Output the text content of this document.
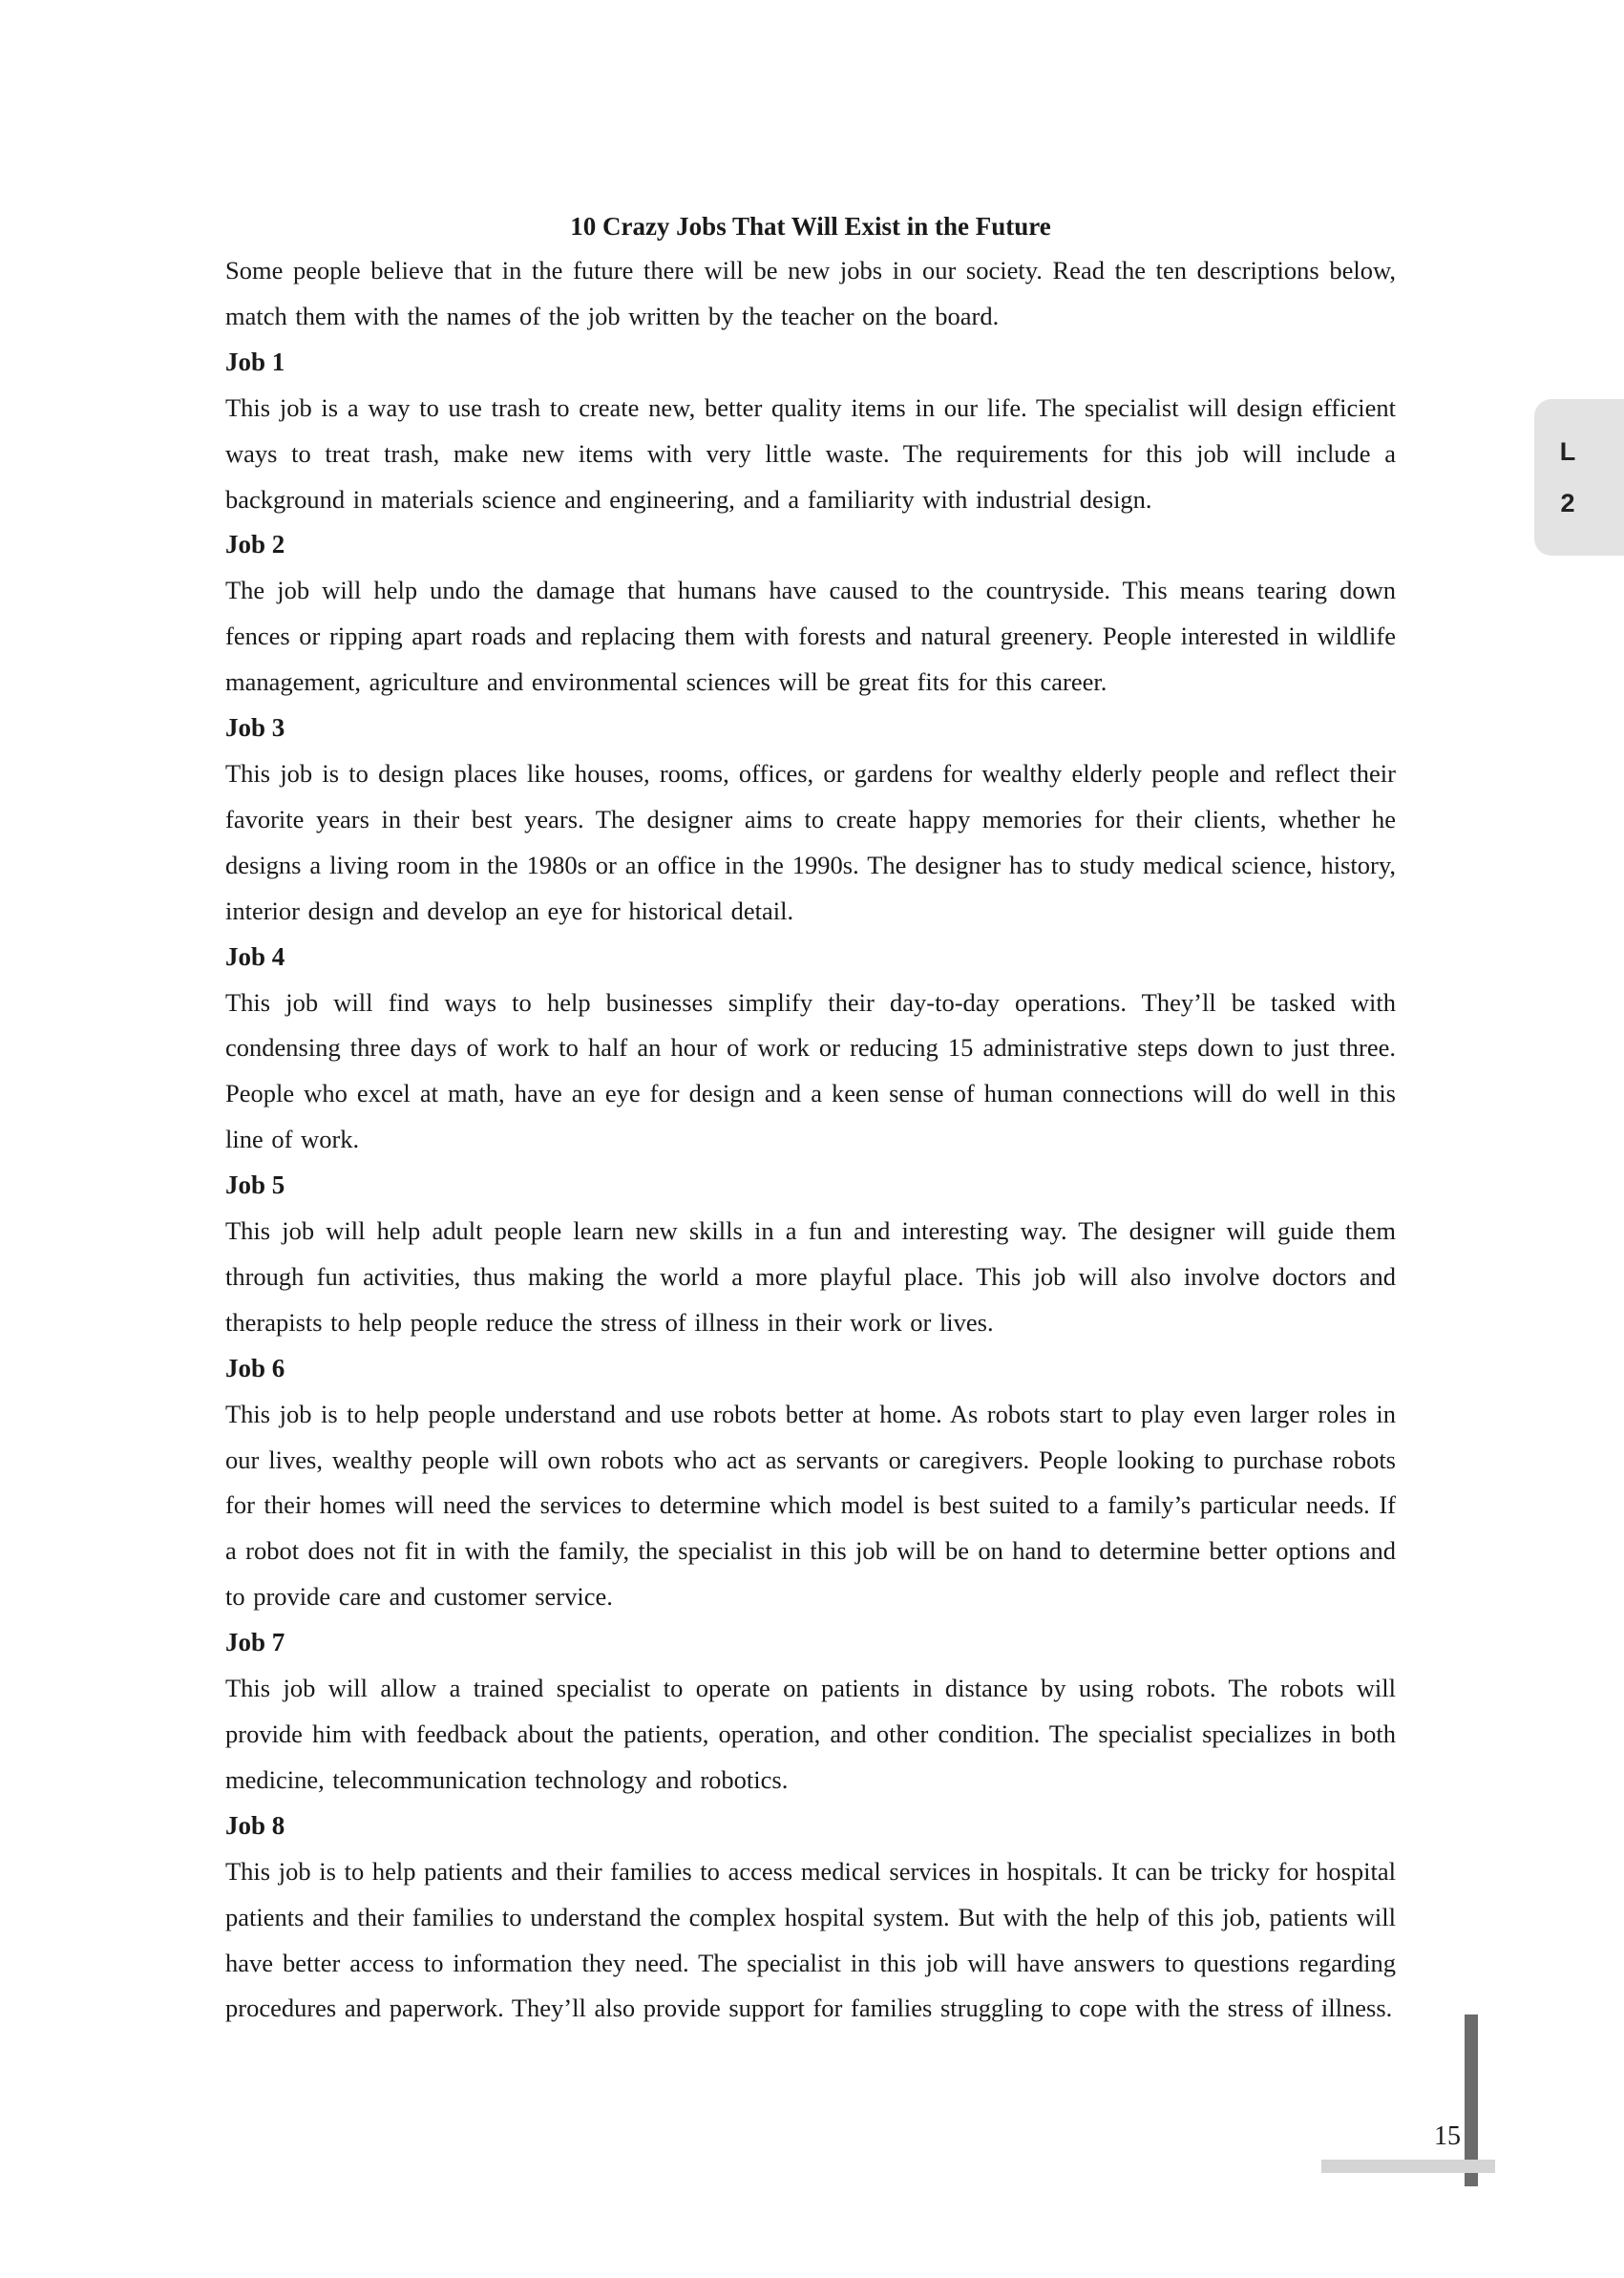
L
2
10 Crazy Jobs That Will Exist in the Future

Some people believe that in the future there will be new jobs in our society. Read the ten descriptions below, match them with the names of the job written by the teacher on the board.

Job 1

This job is a way to use trash to create new, better quality items in our life. The specialist will design efficient ways to treat trash, make new items with very little waste. The requirements for this job will include a background in materials science and engineering, and a familiarity with industrial design.

Job 2

The job will help undo the damage that humans have caused to the countryside. This means tearing down fences or ripping apart roads and replacing them with forests and natural greenery. People interested in wildlife management, agriculture and environmental sciences will be great fits for this career.

Job 3

This job is to design places like houses, rooms, offices, or gardens for wealthy elderly people and reflect their favorite years in their best years. The designer aims to create happy memories for their clients, whether he designs a living room in the 1980s or an office in the 1990s. The designer has to study medical science, history, interior design and develop an eye for historical detail.

Job 4

This job will find ways to help businesses simplify their day-to-day operations. They’ll be tasked with condensing three days of work to half an hour of work or reducing 15 administrative steps down to just three. People who excel at math, have an eye for design and a keen sense of human connections will do well in this line of work.

Job 5

This job will help adult people learn new skills in a fun and interesting way. The designer will guide them through fun activities, thus making the world a more playful place. This job will also involve doctors and therapists to help people reduce the stress of illness in their work or lives.

Job 6

This job is to help people understand and use robots better at home. As robots start to play even larger roles in our lives, wealthy people will own robots who act as servants or caregivers. People looking to purchase robots for their homes will need the services to determine which model is best suited to a family’s particular needs. If a robot does not fit in with the family, the specialist in this job will be on hand to determine better options and to provide care and customer service.

Job 7

This job will allow a trained specialist to operate on patients in distance by using robots. The robots will provide him with feedback about the patients, operation, and other condition. The specialist specializes in both medicine, telecommunication technology and robotics.

Job 8

This job is to help patients and their families to access medical services in hospitals. It can be tricky for hospital patients and their families to understand the complex hospital system. But with the help of this job, patients will have better access to information they need. The specialist in this job will have answers to questions regarding procedures and paperwork. They’ll also provide support for families struggling to cope with the stress of illness.

15
